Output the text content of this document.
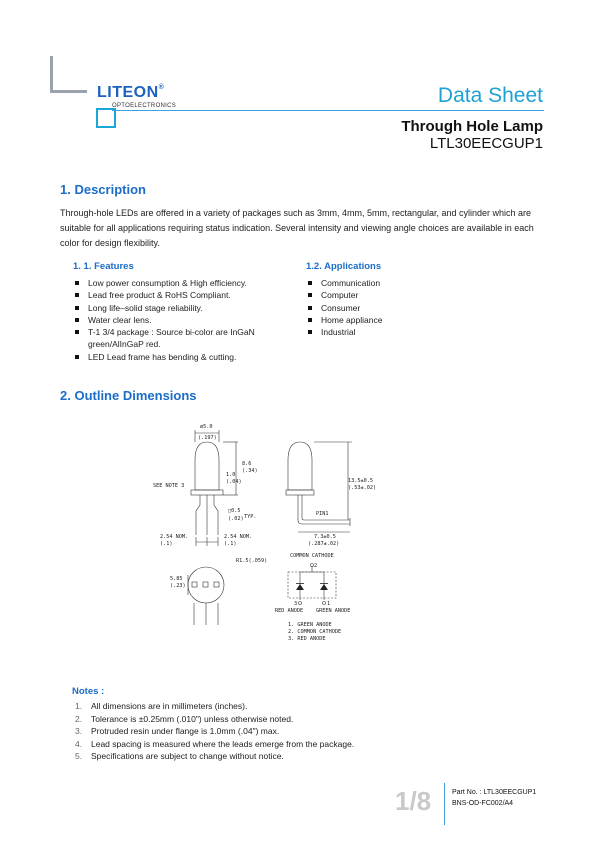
LITEON®
OPTOELECTRONICS	Data Sheet
Through Hole Lamp
LTL30EECGUP1
1. Description
Through-hole LEDs are offered in a variety of packages such as 3mm, 4mm, 5mm, rectangular, and cylinder which are suitable for all applications requiring status indication. Several intensity and viewing angle choices are available in each color for design flexibility.
1. 1. Features
Low power consumption & High efficiency.
Lead free product & RoHS Compliant.
Long life–solid stage reliability.
Water clear lens.
T-1 3/4 package : Source bi-color are InGaN green/AlInGaP red.
LED Lead frame has bending & cutting.
1.2. Applications
Communication
Computer
Consumer
Home appliance
Industrial
2. Outline Dimensions
ø5.0
(.197)
8.6
(.34)
1.0
(.04)
SEE NOTE 3
□0.5
(.02) TYP.
2.54 NOM.
(.1)
2.54 NOM.
(.1)
13.5±0.5
(.53±.02)
PIN1
7.3±0.5
(.287±.02)
R1.5(.059)
5.85
(.23)
COMMON CATHODE
2
3	1
RED ANODE GREEN ANODE
1. GREEN ANODE
2. COMMON CATHODE
3. RED ANODE
Notes :
1. All dimensions are in millimeters (inches).
2. Tolerance is ±0.25mm (.010") unless otherwise noted.
3. Protruded resin under flange is 1.0mm (.04") max.
4. Lead spacing is measured where the leads emerge from the package.
5. Specifications are subject to change without notice.
1/8	Part No. : LTL30EECGUP1
BNS-OD-FC002/A4
